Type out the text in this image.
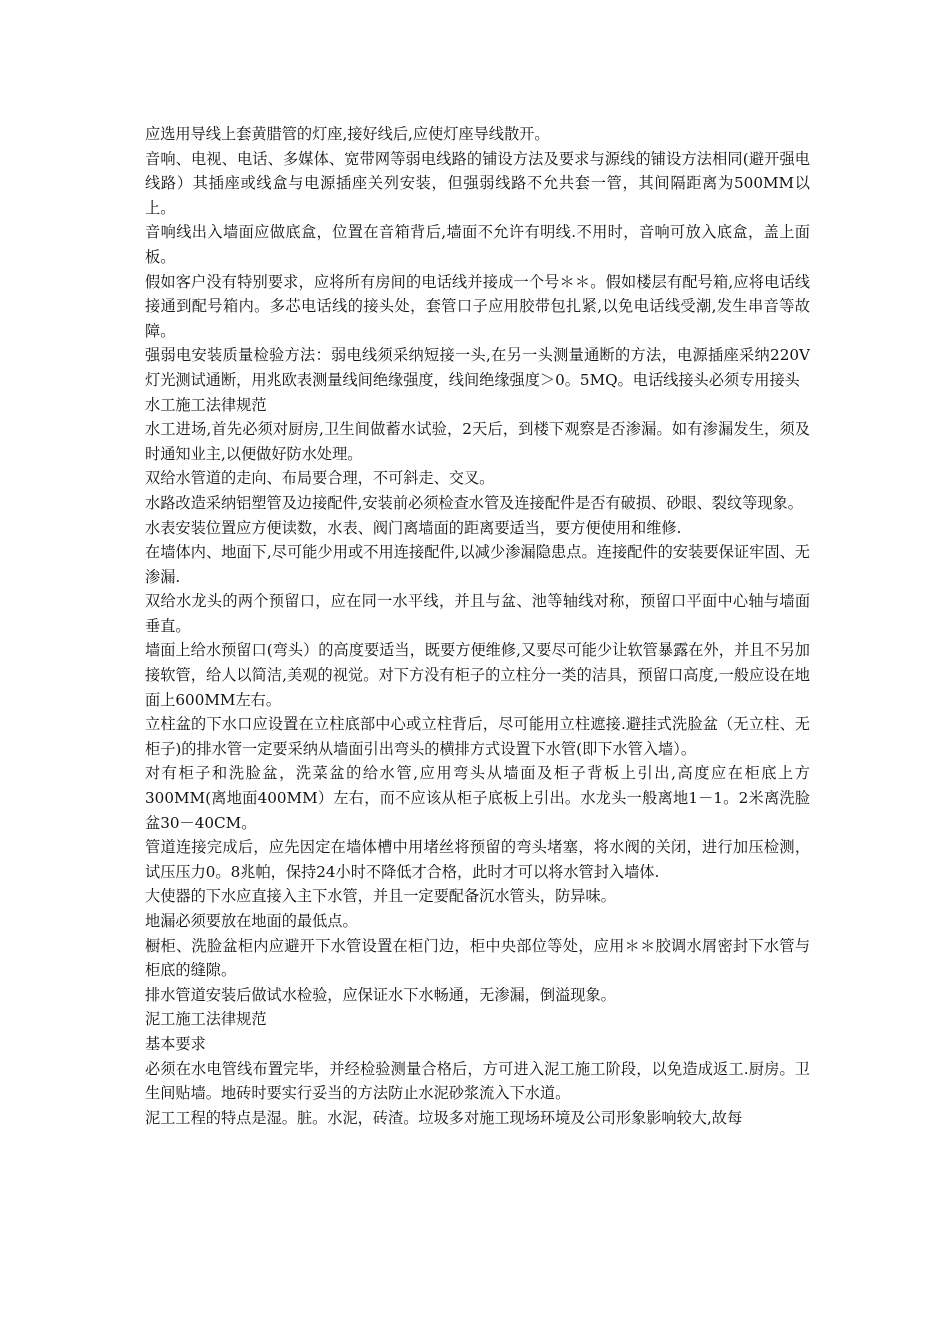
应选用导线上套黄腊管的灯座,接好线后,应使灯座导线散开。
音响、电视、电话、多媒体、宽带网等弱电线路的铺设方法及要求与源线的铺设方法相同(避开强电线路）其插座或线盒与电源插座关列安装，但强弱线路不允共套一管，其间隔距离为500MM以上。
音响线出入墙面应做底盒，位置在音箱背后,墙面不允许有明线.不用时，音响可放入底盒，盖上面板。
假如客户没有特别要求，应将所有房间的电话线并接成一个号＊＊。假如楼层有配号箱,应将电话线接通到配号箱内。多芯电话线的接头处，套管口子应用胶带包扎紧,以免电话线受潮,发生串音等故障。
强弱电安装质量检验方法：弱电线须采纳短接一头,在另一头测量通断的方法，电源插座采纳220V灯光测试通断，用兆欧表测量线间绝缘强度，线间绝缘强度＞0。5MQ。电话线接头必须专用接头
水工施工法律规范
水工进场,首先必须对厨房,卫生间做蓄水试验，2天后，到楼下观察是否渗漏。如有渗漏发生，须及时通知业主,以便做好防水处理。
双给水管道的走向、布局要合理，不可斜走、交叉。
水路改造采纳铝塑管及边接配件,安装前必须检查水管及连接配件是否有破损、砂眼、裂纹等现象。
水表安装位置应方便读数，水表、阀门离墙面的距离要适当，要方便使用和维修.
在墙体内、地面下,尽可能少用或不用连接配件,以减少渗漏隐患点。连接配件的安装要保证牢固、无渗漏.
双给水龙头的两个预留口，应在同一水平线，并且与盆、池等轴线对称，预留口平面中心轴与墙面垂直。
墙面上给水预留口(弯头）的高度要适当，既要方便维修,又要尽可能少让软管暴露在外，并且不另加接软管，给人以简洁,美观的视觉。对下方没有柜子的立柱分一类的洁具，预留口高度,一般应设在地面上600MM左右。
立柱盆的下水口应设置在立柱底部中心或立柱背后，尽可能用立柱遮接.避挂式洗脸盆（无立柱、无柜子)的排水管一定要采纳从墙面引出弯头的横排方式设置下水管(即下水管入墙）。
对有柜子和洗脸盆，洗菜盆的给水管,应用弯头从墙面及柜子背板上引出,高度应在柜底上方300MM(离地面400MM）左右，而不应该从柜子底板上引出。水龙头一般离地1－1。2米离洗脸盆30－40CM。
管道连接完成后，应先因定在墙体槽中用堵丝将预留的弯头堵塞，将水阀的关闭，进行加压检测，试压压力0。8兆帕，保持24小时不降低才合格，此时才可以将水管封入墙体.
大使器的下水应直接入主下水管，并且一定要配备沉水管头，防异味。
地漏必须要放在地面的最低点。
橱柜、洗脸盆柜内应避开下水管设置在柜门边，柜中央部位等处，应用＊＊胶调水屑密封下水管与柜底的缝隙。
排水管道安装后做试水检验，应保证水下水畅通，无渗漏，倒溢现象。
泥工施工法律规范
基本要求
必须在水电管线布置完毕，并经检验测量合格后，方可进入泥工施工阶段，以免造成返工.厨房。卫生间贴墙。地砖时要实行妥当的方法防止水泥砂浆流入下水道。
泥工工程的特点是湿。脏。水泥，砖渣。垃圾多对施工现场环境及公司形象影响较大,故每
